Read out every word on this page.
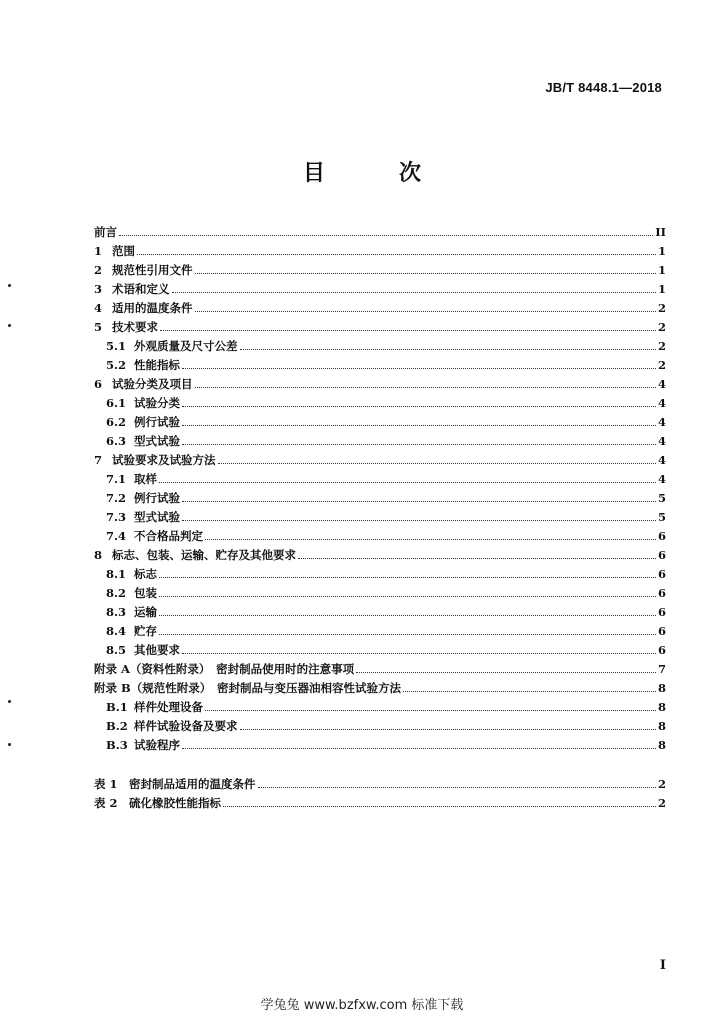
JB/T 8448.1—2018
目　次
前言	II
1 范围	1
2 规范性引用文件	1
3 术语和定义	1
4 适用的温度条件	2
5 技术要求	2
5.1 外观质量及尺寸公差	2
5.2 性能指标	2
6 试验分类及项目	4
6.1 试验分类	4
6.2 例行试验	4
6.3 型式试验	4
7 试验要求及试验方法	4
7.1 取样	4
7.2 例行试验	5
7.3 型式试验	5
7.4 不合格品判定	6
8 标志、包装、运输、贮存及其他要求	6
8.1 标志	6
8.2 包装	6
8.3 运输	6
8.4 贮存	6
8.5 其他要求	6
附录 A（资料性附录）　密封制品使用时的注意事项	7
附录 B（规范性附录）　密封制品与变压器油相容性试验方法	8
B.1 样件处理设备	8
B.2 样件试验设备及要求	8
B.3 试验程序	8
表 1　密封制品适用的温度条件	2
表 2　硫化橡胶性能指标	2
I
学兔兔 www.bzfxw.com 标准下载
